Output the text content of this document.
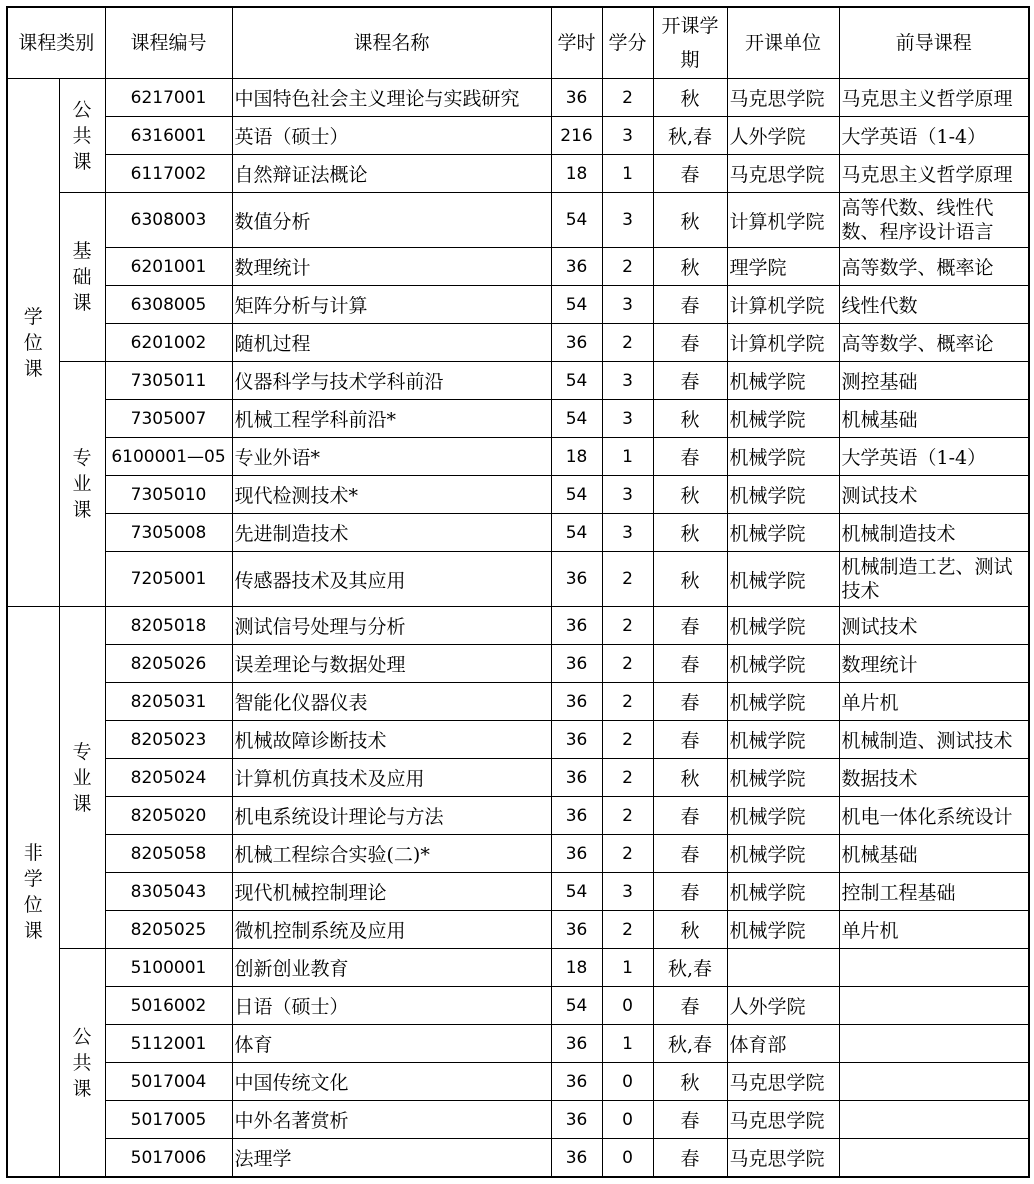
课程类别		课程编号	课程名称	学时	学分	开课学期	开课单位	前导课程
学位课	公共课	6217001	中国特色社会主义理论与实践研究	36	2	秋	马克思学院	马克思主义哲学原理
		6316001	英语（硕士）	216	3	秋,春	人外学院	大学英语（1-4）
		6117002	自然辩证法概论	18	1	春	马克思学院	马克思主义哲学原理
	基础课	6308003	数值分析	54	3	秋	计算机学院	高等代数、线性代数、程序设计语言
		6201001	数理统计	36	2	秋	理学院	高等数学、概率论
		6308005	矩阵分析与计算	54	3	春	计算机学院	线性代数
		6201002	随机过程	36	2	春	计算机学院	高等数学、概率论
	专业课	7305011	仪器科学与技术学科前沿	54	3	春	机械学院	测控基础
		7305007	机械工程学科前沿*	54	3	秋	机械学院	机械基础
		6100001—05	专业外语*	18	1	春	机械学院	大学英语（1-4）
		7305010	现代检测技术*	54	3	秋	机械学院	测试技术
		7305008	先进制造技术	54	3	秋	机械学院	机械制造技术
		7205001	传感器技术及其应用	36	2	秋	机械学院	机械制造工艺、测试技术
非学位课	专业课	8205018	测试信号处理与分析	36	2	春	机械学院	测试技术
		8205026	误差理论与数据处理	36	2	春	机械学院	数理统计
		8205031	智能化仪器仪表	36	2	春	机械学院	单片机
		8205023	机械故障诊断技术	36	2	春	机械学院	机械制造、测试技术
		8205024	计算机仿真技术及应用	36	2	秋	机械学院	数据技术
		8205020	机电系统设计理论与方法	36	2	春	机械学院	机电一体化系统设计
		8205058	机械工程综合实验(二)*	36	2	春	机械学院	机械基础
		8305043	现代机械控制理论	54	3	春	机械学院	控制工程基础
		8205025	微机控制系统及应用	36	2	秋	机械学院	单片机
	公共课	5100001	创新创业教育	18	1	秋,春		
		5016002	日语（硕士）	54	0	春	人外学院	
		5112001	体育	36	1	秋,春	体育部	
		5017004	中国传统文化	36	0	秋	马克思学院	
		5017005	中外名著赏析	36	0	春	马克思学院	
		5017006	法理学	36	0	春	马克思学院	
